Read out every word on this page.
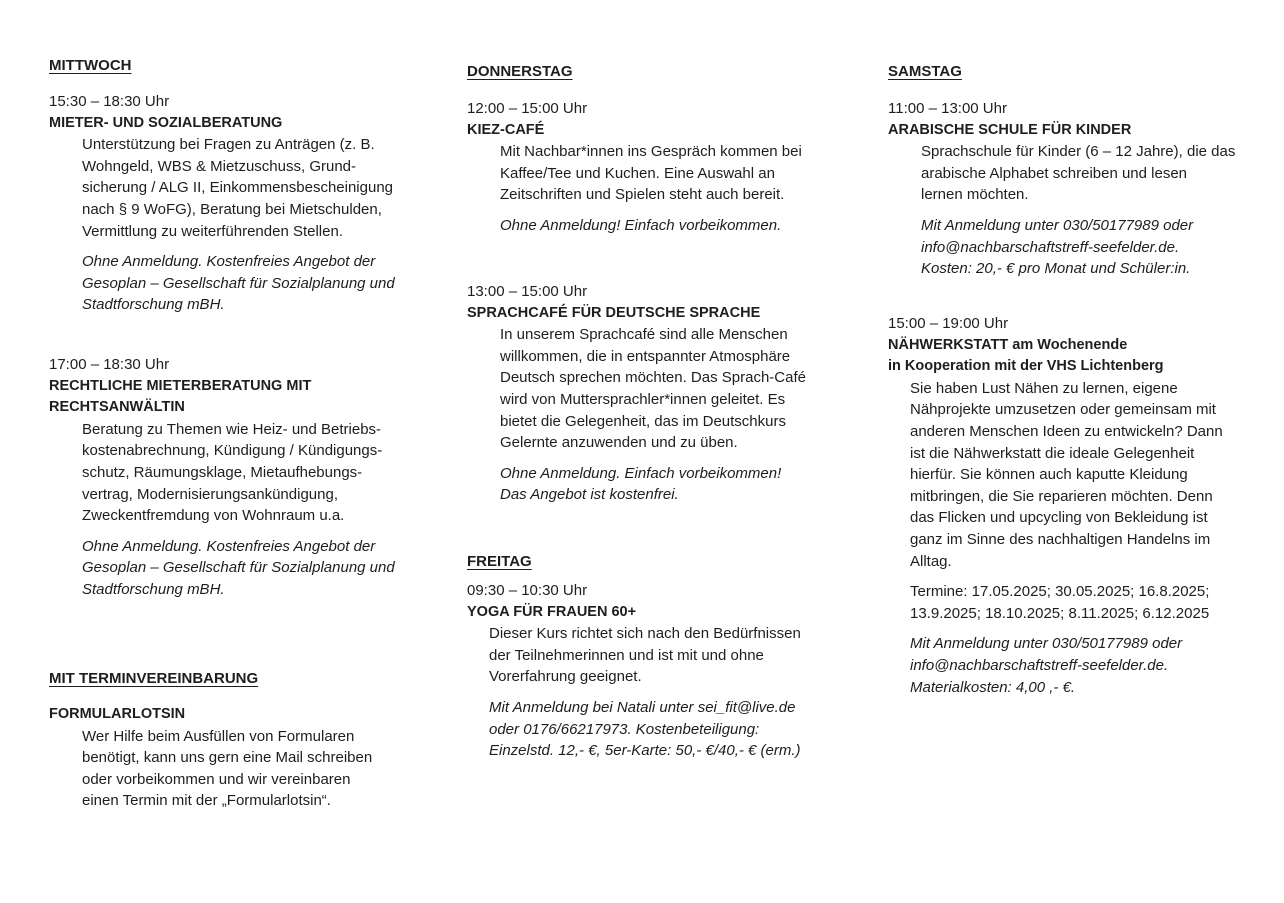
MITTWOCH

15:30 – 18:30 Uhr

MIETER- UND SOZIALBERATUNG

Unterstützung bei Fragen zu Anträgen (z. B.
Wohngeld, WBS & Mietzuschuss, Grund-
sicherung / ALG II, Einkommensbescheinigung
nach § 9 WoFG), Beratung bei Mietschulden,
Vermittlung zu weiterführenden Stellen.

Ohne Anmeldung. Kostenfreies Angebot der
Gesoplan – Gesellschaft für Sozialplanung und
Stadtforschung mBH.

17:00 – 18:30 Uhr

RECHTLICHE MIETERBERATUNG MIT
RECHTSANWÄLTIN

Beratung zu Themen wie Heiz- und Betriebs-
kostenabrechnung, Kündigung / Kündigungs-
schutz, Räumungsklage, Mietaufhebungs-
vertrag, Modernisierungsankündigung,
Zweckentfremdung von Wohnraum u.a.

Ohne Anmeldung. Kostenfreies Angebot der
Gesoplan – Gesellschaft für Sozialplanung und
Stadtforschung mBH.

MIT TERMINVEREINBARUNG

FORMULARLOTSIN

Wer Hilfe beim Ausfüllen von Formularen
benötigt, kann uns gern eine Mail schreiben
oder vorbeikommen und wir vereinbaren
einen Termin mit der „Formularlotsin“.

DONNERSTAG

12:00 – 15:00 Uhr

KIEZ-CAFÉ

Mit Nachbar*innen ins Gespräch kommen bei
Kaffee/Tee und Kuchen. Eine Auswahl an
Zeitschriften und Spielen steht auch bereit.

Ohne Anmeldung! Einfach vorbeikommen.

13:00 – 15:00 Uhr

SPRACHCAFÉ FÜR DEUTSCHE SPRACHE

In unserem Sprachcafé sind alle Menschen
willkommen, die in entspannter Atmosphäre
Deutsch sprechen möchten. Das Sprach-Café
wird von Muttersprachler*innen geleitet. Es
bietet die Gelegenheit, das im Deutschkurs
Gelernte anzuwenden und zu üben.

Ohne Anmeldung. Einfach vorbeikommen!
Das Angebot ist kostenfrei.

FREITAG

09:30 – 10:30 Uhr

YOGA FÜR FRAUEN 60+

Dieser Kurs richtet sich nach den Bedürfnissen
der Teilnehmerinnen und ist mit und ohne
Vorerfahrung geeignet.

Mit Anmeldung bei Natali unter sei_fit@live.de
oder 0176/66217973. Kostenbeteiligung:
Einzelstd. 12,- €, 5er-Karte: 50,- €/40,- € (erm.)

SAMSTAG

11:00 – 13:00 Uhr

ARABISCHE SCHULE FÜR KINDER

Sprachschule für Kinder (6 – 12 Jahre), die das
arabische Alphabet schreiben und lesen
lernen möchten.

Mit Anmeldung unter 030/50177989 oder
info@nachbarschaftstreff-seefelder.de.
Kosten: 20,- € pro Monat und Schüler:in.

15:00 – 19:00 Uhr

NÄHWERKSTATT am Wochenende
in Kooperation mit der VHS Lichtenberg

Sie haben Lust Nähen zu lernen, eigene
Nähprojekte umzusetzen oder gemeinsam mit
anderen Menschen Ideen zu entwickeln? Dann
ist die Nähwerkstatt die ideale Gelegenheit
hierfür. Sie können auch kaputte Kleidung
mitbringen, die Sie reparieren möchten. Denn
das Flicken und upcycling von Bekleidung ist
ganz im Sinne des nachhaltigen Handelns im
Alltag.

Termine: 17.05.2025; 30.05.2025; 16.8.2025;
13.9.2025; 18.10.2025; 8.11.2025; 6.12.2025

Mit Anmeldung unter 030/50177989 oder
info@nachbarschaftstreff-seefelder.de.
Materialkosten: 4,00 ,- €.
